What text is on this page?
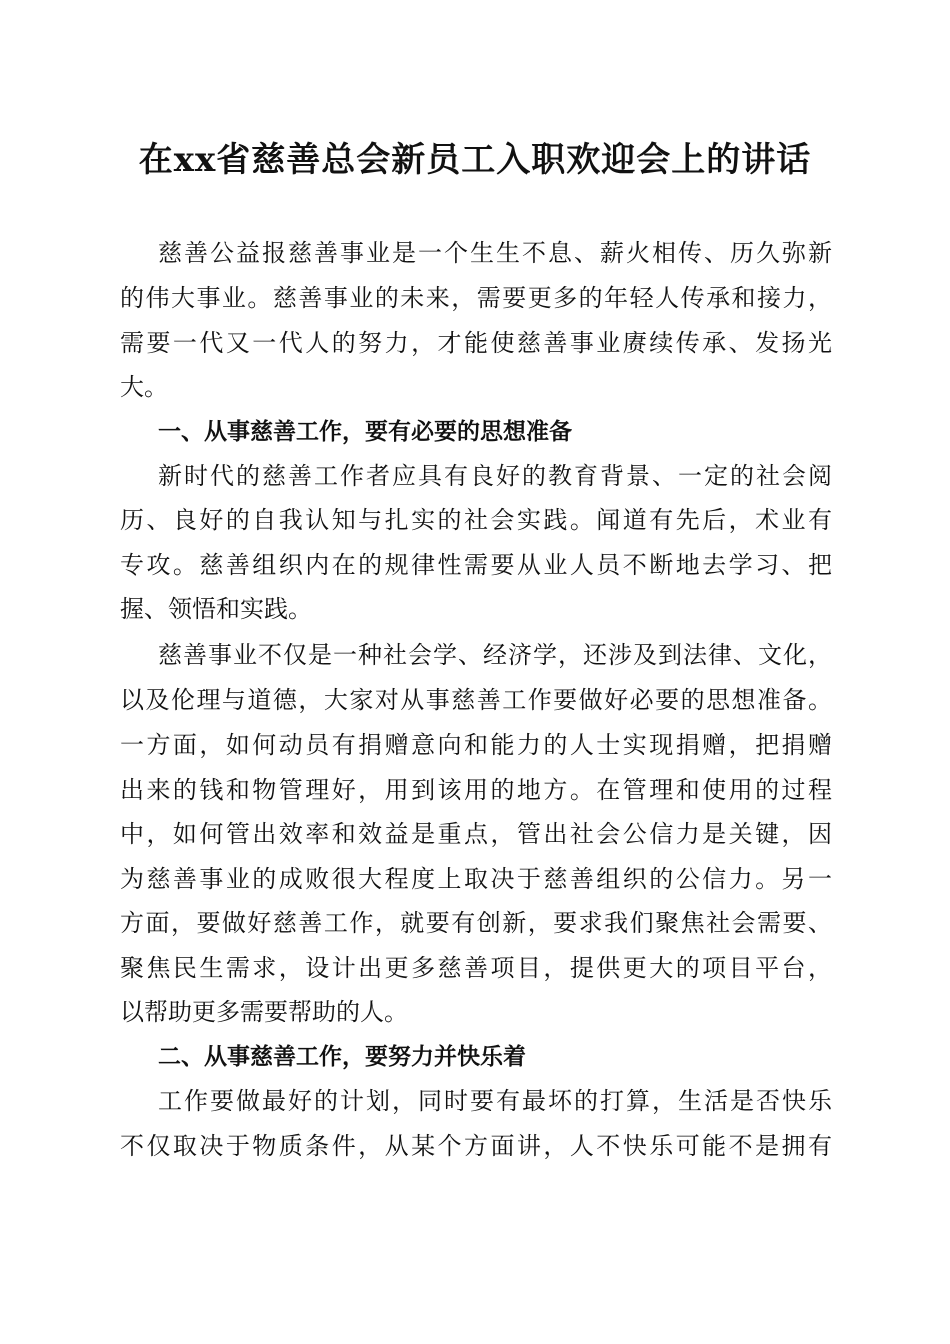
在xx省慈善总会新员工入职欢迎会上的讲话
慈善公益报慈善事业是一个生生不息、薪火相传、历久弥新
的伟大事业。慈善事业的未来，需要更多的年轻人传承和接力，
需要一代又一代人的努力，才能使慈善事业赓续传承、发扬光
大。
一、从事慈善工作，要有必要的思想准备
新时代的慈善工作者应具有良好的教育背景、一定的社会阅
历、良好的自我认知与扎实的社会实践。闻道有先后，术业有
专攻。慈善组织内在的规律性需要从业人员不断地去学习、把
握、领悟和实践。
慈善事业不仅是一种社会学、经济学，还涉及到法律、文化，
以及伦理与道德，大家对从事慈善工作要做好必要的思想准备。
一方面，如何动员有捐赠意向和能力的人士实现捐赠，把捐赠
出来的钱和物管理好，用到该用的地方。在管理和使用的过程
中，如何管出效率和效益是重点，管出社会公信力是关键，因
为慈善事业的成败很大程度上取决于慈善组织的公信力。另一
方面，要做好慈善工作，就要有创新，要求我们聚焦社会需要、
聚焦民生需求，设计出更多慈善项目，提供更大的项目平台，
以帮助更多需要帮助的人。
二、从事慈善工作，要努力并快乐着
工作要做最好的计划，同时要有最坏的打算，生活是否快乐
不仅取决于物质条件，从某个方面讲，人不快乐可能不是拥有
